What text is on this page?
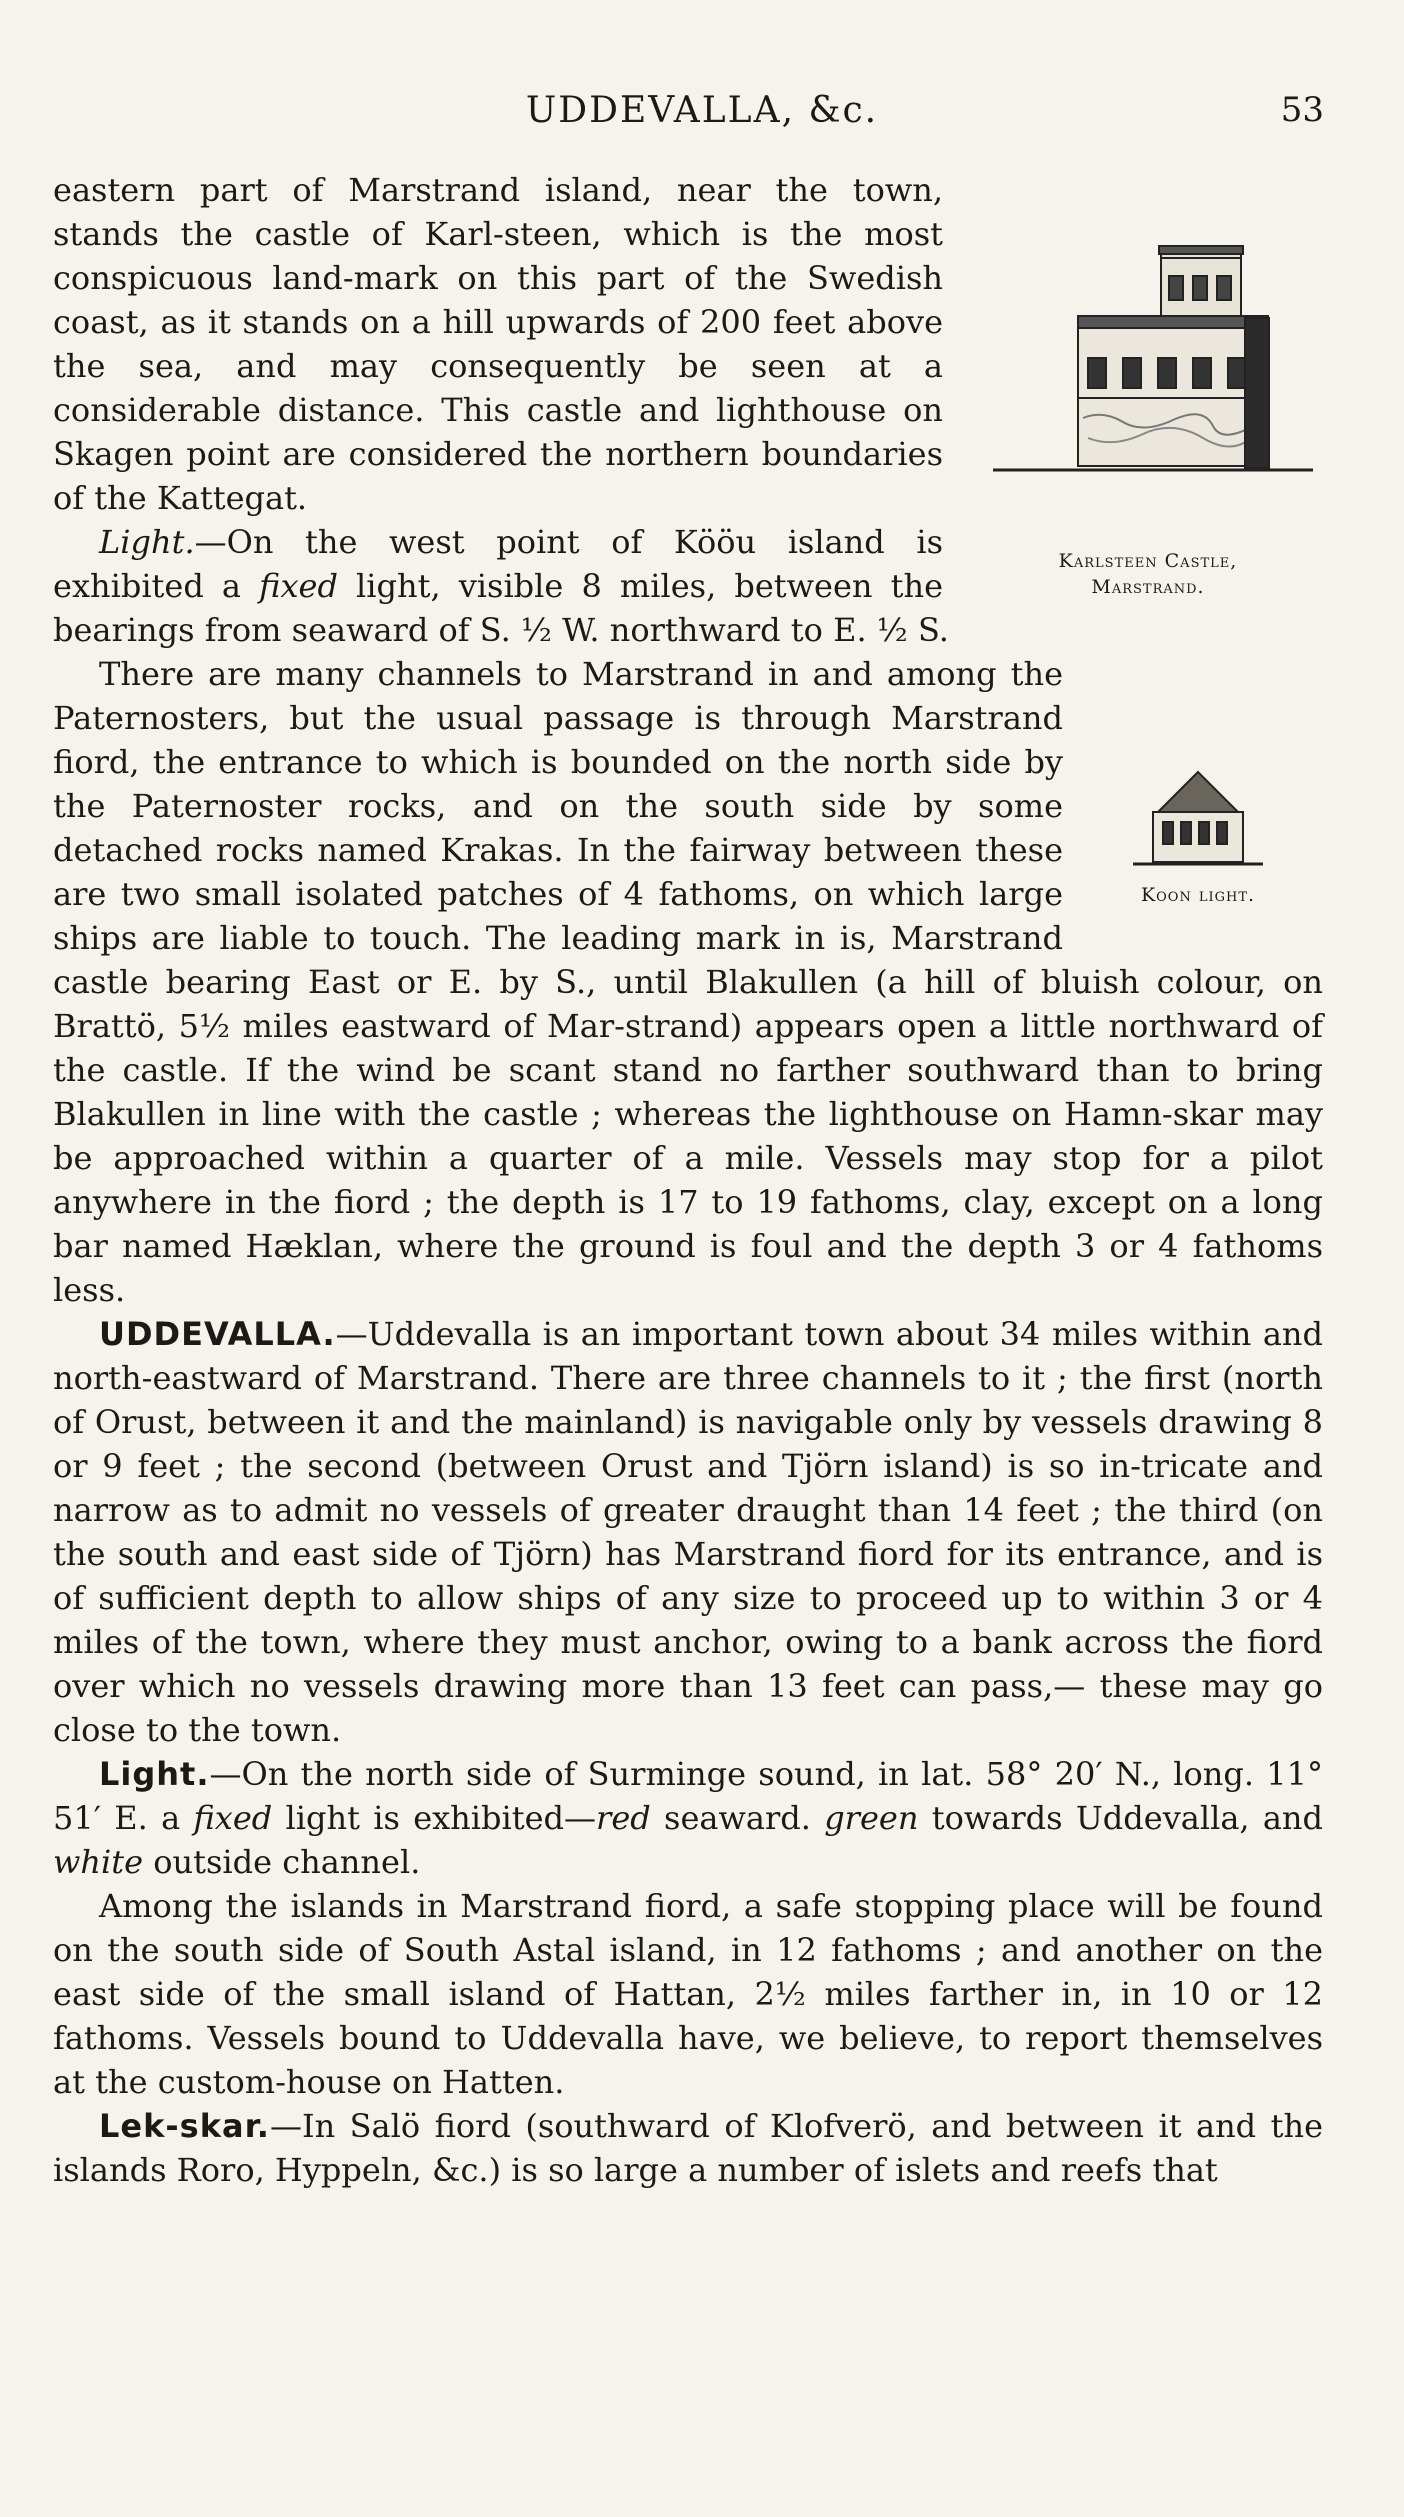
UDDEVALLA, &c.	53
Karlsteen Castle,
Marstrand.

eastern part of Marstrand island, near the town, stands the castle of Karl-steen, which is the most conspicuous land-mark on this part of the Swedish coast, as it stands on a hill upwards of 200 feet above the sea, and may consequently be seen at a considerable distance. This castle and lighthouse on Skagen point are considered the northern boundaries of the Kattegat.

Light.—On the west point of Kööu island is exhibited a fixed light, visible 8 miles, between the bearings from seaward of S. ½ W. northward to E. ½ S.

Koon light.

There are many channels to Marstrand in and among the Paternosters, but the usual passage is through Marstrand fiord, the entrance to which is bounded on the north side by the Paternoster rocks, and on the south side by some detached rocks named Krakas. In the fairway between these are two small isolated patches of 4 fathoms, on which large ships are liable to touch. The leading mark in is, Marstrand castle bearing East or E. by S., until Blakullen (a hill of bluish colour, on Brattö, 5½ miles eastward of Mar-strand) appears open a little northward of the castle. If the wind be scant stand no farther southward than to bring Blakullen in line with the castle ; whereas the lighthouse on Hamn-skar may be approached within a quarter of a mile. Vessels may stop for a pilot anywhere in the fiord ; the depth is 17 to 19 fathoms, clay, except on a long bar named Hæklan, where the ground is foul and the depth 3 or 4 fathoms less.

UDDEVALLA.—Uddevalla is an important town about 34 miles within and north-eastward of Marstrand. There are three channels to it ; the first (north of Orust, between it and the mainland) is navigable only by vessels drawing 8 or 9 feet ; the second (between Orust and Tjörn island) is so in-tricate and narrow as to admit no vessels of greater draught than 14 feet ; the third (on the south and east side of Tjörn) has Marstrand fiord for its entrance, and is of sufficient depth to allow ships of any size to proceed up to within 3 or 4 miles of the town, where they must anchor, owing to a bank across the fiord over which no vessels drawing more than 13 feet can pass,— these may go close to the town.

Light.—On the north side of Surminge sound, in lat. 58° 20′ N., long. 11° 51′ E. a fixed light is exhibited—red seaward. green towards Uddevalla, and white outside channel.

Among the islands in Marstrand fiord, a safe stopping place will be found on the south side of South Astal island, in 12 fathoms ; and another on the east side of the small island of Hattan, 2½ miles farther in, in 10 or 12 fathoms. Vessels bound to Uddevalla have, we believe, to report themselves at the custom-house on Hatten.

Lek-skar.—In Salö fiord (southward of Klofverö, and between it and the islands Roro, Hyppeln, &c.) is so large a number of islets and reefs that
